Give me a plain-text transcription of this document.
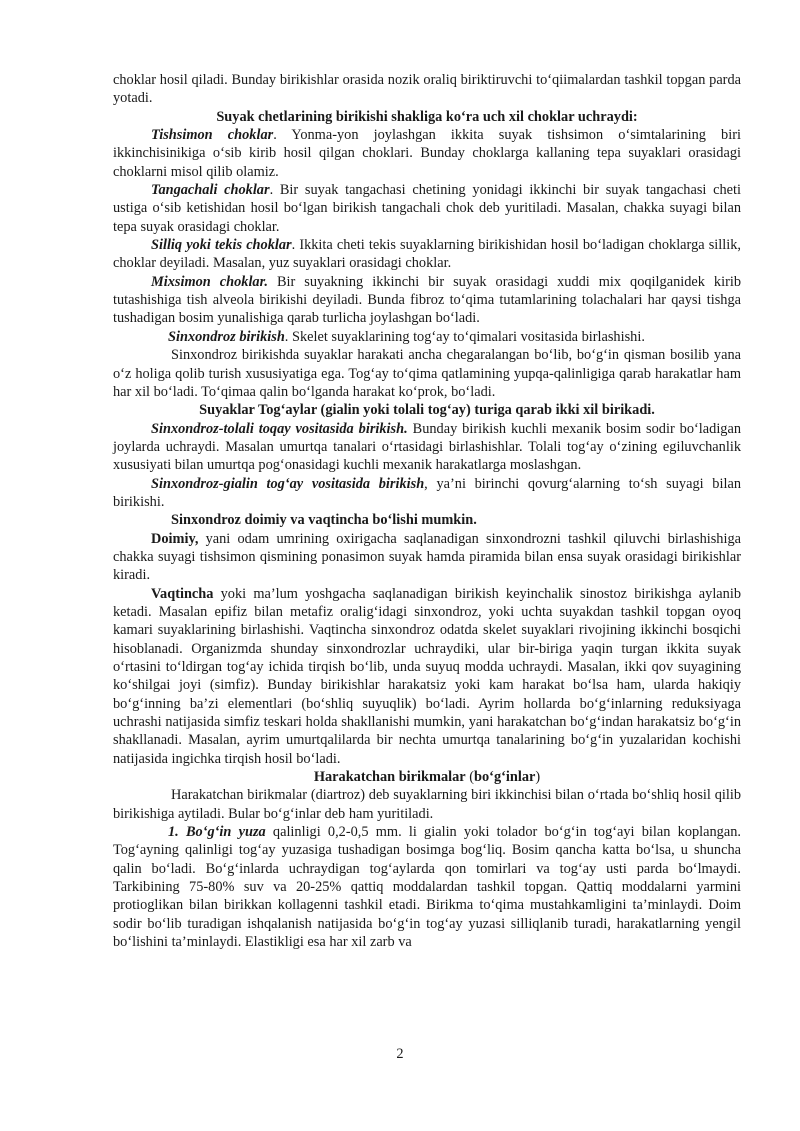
choklar hosil qiladi. Bunday birikishlar orasida nozik oraliq biriktiruvchi to‘qiimalardan tashkil topgan parda yotadi.

Suyak chetlarining birikishi shakliga ko‘ra uch xil choklar uchraydi:

Tishsimon choklar. Yonma-yon joylashgan ikkita suyak tishsimon o‘simtalarining biri ikkinchisinikiga o‘sib kirib hosil qilgan choklari. Bunday choklarga kallaning tepa suyaklari orasidagi choklarni misol qilib olamiz.

Tangachali choklar. Bir suyak tangachasi chetining yonidagi ikkinchi bir suyak tangachasi cheti ustiga o‘sib ketishidan hosil bo‘lgan birikish tangachali chok deb yuritiladi. Masalan, chakka suyagi bilan tepa suyak orasidagi choklar.

Silliq yoki tekis choklar. Ikkita cheti tekis suyaklarning birikishidan hosil bo‘ladigan choklarga sillik, choklar deyiladi. Masalan, yuz suyaklari orasidagi choklar.

Mixsimon choklar. Bir suyakning ikkinchi bir suyak orasidagi xuddi mix qoqilganidek kirib tutashishiga tish alveola birikishi deyiladi. Bunda fibroz to‘qima tutamlarining tolachalari har qaysi tishga tushadigan bosim yunalishiga qarab turlicha joylashgan bo‘ladi.

Sinxondroz birikish. Skelet suyaklarining tog‘ay to‘qimalari vositasida birlashishi.

Sinxondroz birikishda suyaklar harakati ancha chegaralangan bo‘lib, bo‘g‘in qisman bosilib yana o‘z holiga qolib turish xususiyatiga ega. Tog‘ay to‘qima qatlamining yupqa-qalinligiga qarab harakatlar ham har xil bo‘ladi. To‘qimaa qalin bo‘lganda harakat ko‘prok, bo‘ladi.

Suyaklar Tog‘aylar (gialin yoki tolali tog‘ay) turiga qarab ikki xil birikadi.

Sinxondroz-tolali toqay vositasida birikish. Bunday birikish kuchli mexanik bosim sodir bo‘ladigan joylarda uchraydi. Masalan umurtqa tanalari o‘rtasidagi birlashishlar. Tolali tog‘ay o‘zining egiluvchanlik xususiyati bilan umurtqa pog‘onasidagi kuchli mexanik harakatlarga moslashgan.

Sinxondroz-gialin tog‘ay vositasida birikish, ya’ni birinchi qovurg‘alarning to‘sh suyagi bilan birikishi.

Sinxondroz doimiy va vaqtincha bo‘lishi mumkin.

Doimiy, yani odam umrining oxirigacha saqlanadigan sinxondrozni tashkil qiluvchi birlashishiga chakka suyagi tishsimon qismining ponasimon suyak hamda piramida bilan ensa suyak orasidagi birikishlar kiradi.

Vaqtincha yoki ma’lum yoshgacha saqlanadigan birikish keyinchalik sinostoz birikishga aylanib ketadi. Masalan epifiz bilan metafiz oralig‘idagi sinxondroz, yoki uchta suyakdan tashkil topgan oyoq kamari suyaklarining birlashishi. Vaqtincha sinxondroz odatda skelet suyaklari rivojining ikkinchi bosqichi hisoblanadi. Organizmda shunday sinxondrozlar uchraydiki, ular bir-biriga yaqin turgan ikkita suyak o‘rtasini to‘ldirgan tog‘ay ichida tirqish bo‘lib, unda suyuq modda uchraydi. Masalan, ikki qov suyagining ko‘shilgai joyi (simfiz). Bunday birikishlar harakatsiz yoki kam harakat bo‘lsa ham, ularda hakiqiy bo‘g‘inning ba’zi elementlari (bo‘shliq suyuqlik) bo‘ladi. Ayrim hollarda bo‘g‘inlarning reduksiyaga uchrashi natijasida simfiz teskari holda shakllanishi mumkin, yani harakatchan bo‘g‘indan harakatsiz bo‘g‘in shakllanadi. Masalan, ayrim umurtqalilarda bir nechta umurtqa tanalarining bo‘g‘in yuzalaridan kochishi natijasida ingichka tirqish hosil bo‘ladi.

Harakatchan birikmalar (bo‘g‘inlar)

Harakatchan birikmalar (diartroz) deb suyaklarning biri ikkinchisi bilan o‘rtada bo‘shliq hosil qilib birikishiga aytiladi. Bular bo‘g‘inlar deb ham yuritiladi.

1. Bo‘g‘in yuza qalinligi 0,2-0,5 mm. li gialin yoki tolador bo‘g‘in tog‘ayi bilan koplangan. Tog‘ayning qalinligi tog‘ay yuzasiga tushadigan bosimga bog‘liq. Bosim qancha katta bo‘lsa, u shuncha qalin bo‘ladi. Bo‘g‘inlarda uchraydigan tog‘aylarda qon tomirlari va tog‘ay usti parda bo‘lmaydi. Tarkibining 75-80% suv va 20-25% qattiq moddalardan tashkil topgan. Qattiq moddalarni yarmini protioglikan bilan birikkan kollagenni tashkil etadi. Birikma to‘qima mustahkamligini ta’minlaydi. Doim sodir bo‘lib turadigan ishqalanish natijasida bo‘g‘in tog‘ay yuzasi silliqlanib turadi, harakatlarning yengil bo‘lishini ta’minlaydi. Elastikligi esa har xil zarb va

2
